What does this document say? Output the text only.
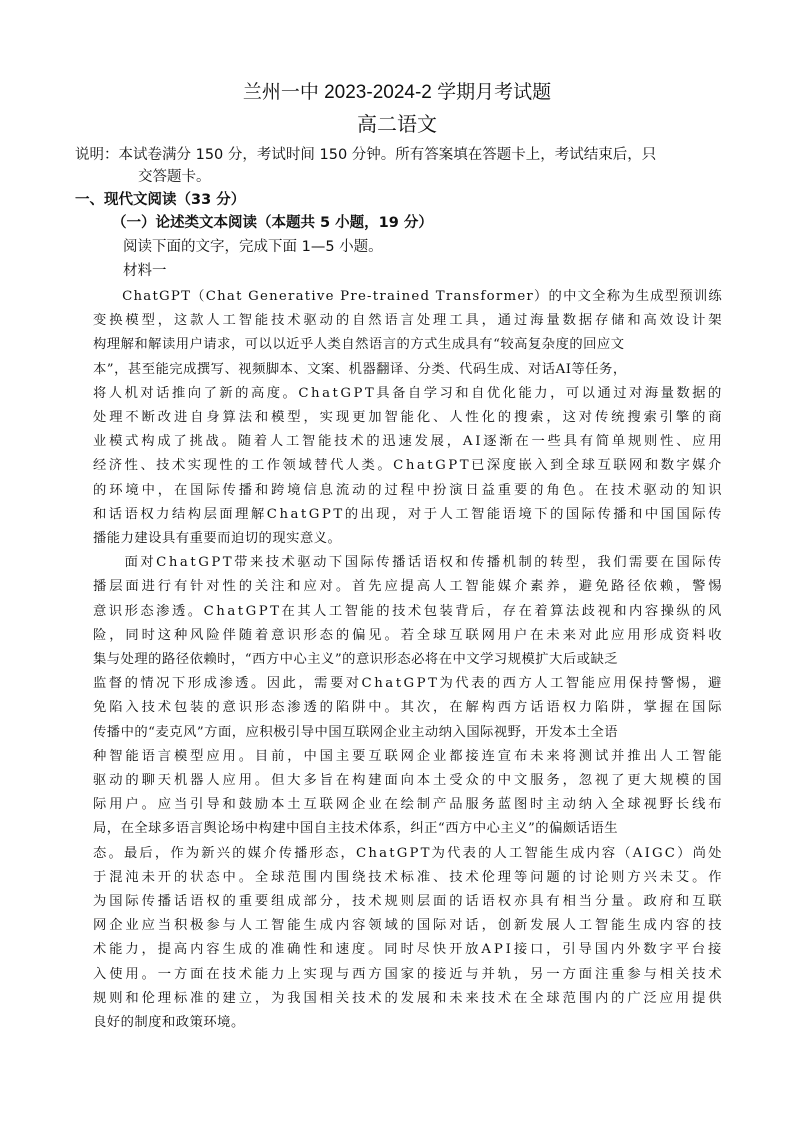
兰州一中 2023-2024-2 学期月考试题
高二语文
说明：本试卷满分 150 分，考试时间 150 分钟。所有答案填在答题卡上，考试结束后，只
交答题卡。
一、现代文阅读（33 分）
（一）论述类文本阅读（本题共 5 小题，19 分）
阅读下面的文字，完成下面 1—5 小题。
材料一
　　ChatGPT（Chat Generative Pre-trained Transformer）的中文全称为生成型预训练
变换模型，这款人工智能技术驱动的自然语言处理工具，通过海量数据存储和高效设计架
构理解和解读用户请求，可以以近乎人类自然语言的方式生成具有“较高复杂度的回应文
本”，甚至能完成撰写、视频脚本、文案、机器翻译、分类、代码生成、对话AI等任务，
将人机对话推向了新的高度。ChatGPT具备自学习和自优化能力，可以通过对海量数据的
处理不断改进自身算法和模型，实现更加智能化、人性化的搜索，这对传统搜索引擎的商
业模式构成了挑战。随着人工智能技术的迅速发展，AI逐渐在一些具有简单规则性、应用
经济性、技术实现性的工作领域替代人类。ChatGPT已深度嵌入到全球互联网和数字媒介
的环境中，在国际传播和跨境信息流动的过程中扮演日益重要的角色。在技术驱动的知识
和话语权力结构层面理解ChatGPT的出现，对于人工智能语境下的国际传播和中国国际传
播能力建设具有重要而迫切的现实意义。
　　面对ChatGPT带来技术驱动下国际传播话语权和传播机制的转型，我们需要在国际传
播层面进行有针对性的关注和应对。首先应提高人工智能媒介素养，避免路径依赖，警惕
意识形态渗透。ChatGPT在其人工智能的技术包装背后，存在着算法歧视和内容操纵的风
险，同时这种风险伴随着意识形态的偏见。若全球互联网用户在未来对此应用形成资料收
集与处理的路径依赖时，“西方中心主义”的意识形态必将在中文学习规模扩大后或缺乏
监督的情况下形成渗透。因此，需要对ChatGPT为代表的西方人工智能应用保持警惕，避
免陷入技术包装的意识形态渗透的陷阱中。其次，在解构西方话语权力陷阱，掌握在国际
传播中的“麦克风”方面，应积极引导中国互联网企业主动纳入国际视野，开发本土全语
种智能语言模型应用。目前，中国主要互联网企业都接连宣布未来将测试并推出人工智能
驱动的聊天机器人应用。但大多旨在构建面向本土受众的中文服务，忽视了更大规模的国
际用户。应当引导和鼓励本土互联网企业在绘制产品服务蓝图时主动纳入全球视野长线布
局，在全球多语言舆论场中构建中国自主技术体系，纠正“西方中心主义”的偏颇话语生
态。最后，作为新兴的媒介传播形态，ChatGPT为代表的人工智能生成内容（AIGC）尚处
于混沌未开的状态中。全球范围内围绕技术标准、技术伦理等问题的讨论则方兴未艾。作
为国际传播话语权的重要组成部分，技术规则层面的话语权亦具有相当分量。政府和互联
网企业应当积极参与人工智能生成内容领域的国际对话，创新发展人工智能生成内容的技
术能力，提高内容生成的准确性和速度。同时尽快开放API接口，引导国内外数字平台接
入使用。一方面在技术能力上实现与西方国家的接近与并轨，另一方面注重参与相关技术
规则和伦理标准的建立，为我国相关技术的发展和未来技术在全球范围内的广泛应用提供
良好的制度和政策环境。
